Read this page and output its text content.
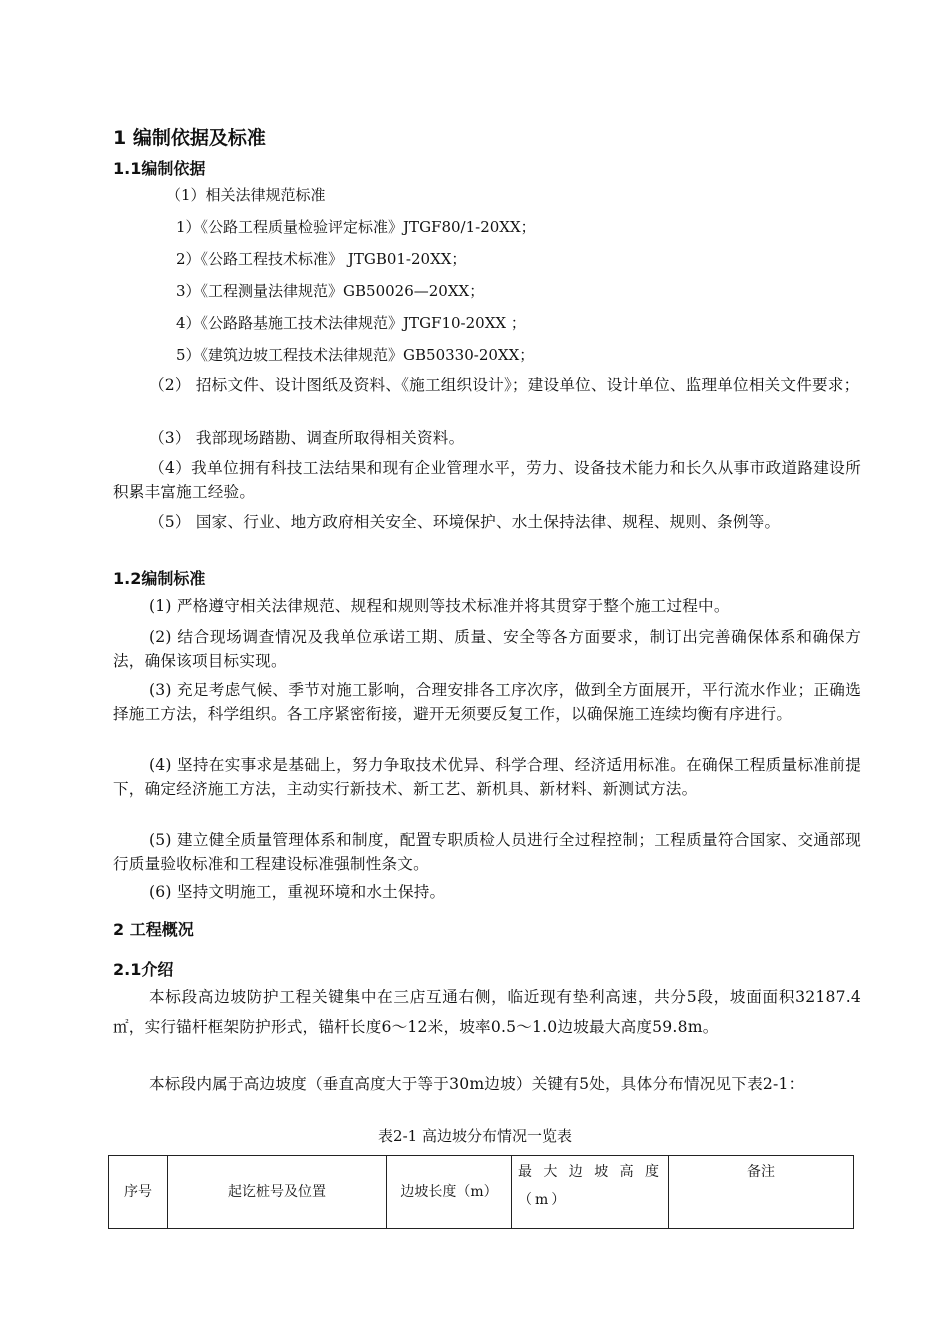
1 编制依据及标准
1.1编制依据
（1）相关法律规范标准
1）《公路工程质量检验评定标准》JTGF80/1-20XX；
2）《公路工程技术标准》 JTGB01-20XX；
3）《工程测量法律规范》GB50026—20XX；
4）《公路路基施工技术法律规范》JTGF10-20XX ；
5）《建筑边坡工程技术法律规范》GB50330-20XX；
（2） 招标文件、设计图纸及资料、《施工组织设计》；建设单位、设计单位、监理单位相关文件要求；
（3） 我部现场踏勘、调查所取得相关资料。
（4）我单位拥有科技工法结果和现有企业管理水平，劳力、设备技术能力和长久从事市政道路建设所积累丰富施工经验。
（5） 国家、行业、地方政府相关安全、环境保护、水土保持法律、规程、规则、条例等。
1.2编制标准
(1) 严格遵守相关法律规范、规程和规则等技术标准并将其贯穿于整个施工过程中。
(2) 结合现场调查情况及我单位承诺工期、质量、安全等各方面要求，制订出完善确保体系和确保方法，确保该项目标实现。
(3) 充足考虑气候、季节对施工影响，合理安排各工序次序，做到全方面展开，平行流水作业；正确选择施工方法，科学组织。各工序紧密衔接，避开无须要反复工作，以确保施工连续均衡有序进行。
(4) 坚持在实事求是基础上，努力争取技术优异、科学合理、经济适用标准。在确保工程质量标准前提下，确定经济施工方法，主动实行新技术、新工艺、新机具、新材料、新测试方法。
(5) 建立健全质量管理体系和制度，配置专职质检人员进行全过程控制；工程质量符合国家、交通部现行质量验收标准和工程建设标准强制性条文。
(6) 坚持文明施工，重视环境和水土保持。
2 工程概况
2.1介绍
本标段高边坡防护工程关键集中在三店互通右侧，临近现有垫利高速，共分5段，坡面面积32187.4㎡，实行锚杆框架防护形式，锚杆长度6～12米，坡率0.5～1.0边坡最大高度59.8m。
本标段内属于高边坡度（垂直高度大于等于30m边坡）关键有5处，具体分布情况见下表2-1：
表2-1 高边坡分布情况一览表
序号	起讫桩号及位置	边坡长度（m）	最大边坡高度（m）	备注
